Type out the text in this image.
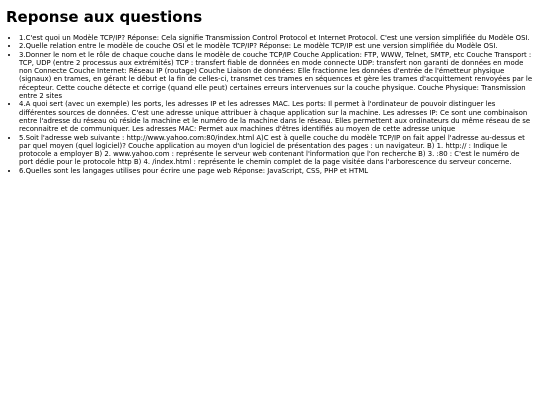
Reponse aux questions
• 1.C'est quoi un Modèle TCP/IP? Réponse: Cela signifie Transmission Control Protocol et Internet Protocol. C'est une version simplifiée du Modèle OSI.
• 2.Quelle relation entre le modèle de couche OSI et le modèle TCP/IP? Réponse: Le modèle TCP/IP est une version simplifiée du Modèle OSI.
• 3.Donner le nom et le rôle de chaque couche dans le modèle de couche TCP/IP Couche Application: FTP, WWW, Telnet, SMTP, etc Couche Transport : TCP, UDP (entre 2 processus aux extrémités) TCP : transfert fiable de données en mode connecte UDP: transfert non garanti de données en mode non Connecte Couche Internet: Réseau IP (routage) Couche Liaison de données: Elle fractionne les données d'entrée de l'émetteur physique (signaux) en trames, en gérant le début et la fin de celles-ci, transmet ces trames en séquences et gère les trames d'acquittement renvoyées par le récepteur. Cette couche détecte et corrige (quand elle peut) certaines erreurs intervenues sur la couche physique. Couche Physique: Transmission entre 2 sites
• 4.A quoi sert (avec un exemple) les ports, les adresses IP et les adresses MAC. Les ports: Il permet à l'ordinateur de pouvoir distinguer les différentes sources de données. C'est une adresse unique attribuer à chaque application sur la machine. Les adresses IP: Ce sont une combinaison entre l'adresse du réseau où réside la machine et le numéro de la machine dans le réseau. Elles permettent aux ordinateurs du même réseau de se reconnaitre et de communiquer. Les adresses MAC: Permet aux machines d'êtres identifiés au moyen de cette adresse unique
• 5.Soit l'adresse web suivante : http://www.yahoo.com:80/index.html A)C est à quelle couche du modèle TCP/IP on fait appel l'adresse au-dessus et par quel moyen (quel logiciel)? Couche application au moyen d'un logiciel de présentation des pages : un navigateur. B) 1. http:// : Indique le protocole a employer B) 2. www.yahoo.com : représente le serveur web contenant l'information que l'on recherche B) 3. :80 : C'est le numéro de port dédie pour le protocole http B) 4. /index.html : représente le chemin complet de la page visitée dans l'arborescence du serveur concerne.
• 6.Quelles sont les langages utilises pour écrire une page web Réponse: JavaScript, CSS, PHP et HTML
